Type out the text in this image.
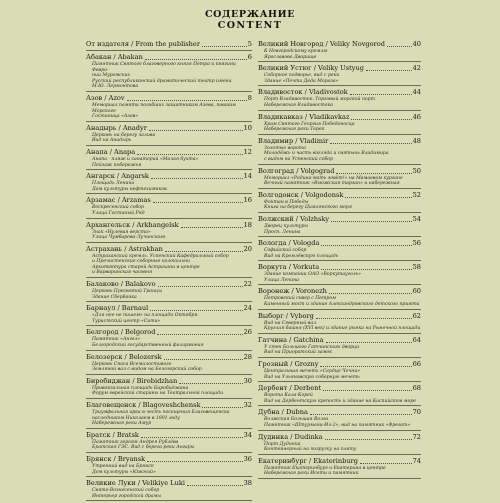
СОДЕРЖАНИЕ
CONTENT
От издателя / From the publisher	5
Абакан / Abakan	6
Памятник Святого благоверного князя Петра и княгини Февро-
нии Муромских
Русский республиканский драматический театр имени
М.Ю. Лермонтова
Азов / Azov	8
Мемориал памяти погибших защитникам Азова, павшим
Морского
Гостиница «Азов»
Анадырь / Anadyr	10
Церковь на берегу залива
Вид на Анадырь
Анапа / Anapa	12
Анапа - пляж и санаторий «Малая бухта»
Пейзаж побережья
Ангарск / Angarsk	14
Площадь Ленина
Дом культуры нефтехимиков
Арзамас / Arzamas	16
Воскресенский собор
Улица Гостиный Ряд
Архангельск / Arkhangelsk	18
Знак «Нулевая верста»
Улица Чумбарова-Лучинского
Астрахань / Astrakhan	20
Астраханский кремль. Успенский Кафедральный собор
и Пречистенские соборные колокольни
Архитектура старой Астрахани в центре
и Варваринская часовня
Балаково / Balakovo	22
Церковь Пресвятой Троицы
Здание Сбербанка
Барнаул / Barnaul	24
«Для нее не пишем» на площади Октября
Туристский центр «Сити»
Белгород / Belgorod	26
Памятник «Ангел»
Белгородский государственный филармония
Белозерск / Belozersk	28
Церковь Спаса Всемилостивого
Земляной вал с видом на Белозерский собор
Биробиджан / Birobidzhan	30
Привокзальная площадь Биробиджана
Форум еврейской старины на Театральной площади
Благовещенск / Blagoveshchensk	32
Триумфальная арка в честь посещения Благовещенска
наследником Николаем в 1891 году
Набережная реки Амур
Братск / Bratsk	34
Памятник героям Андрея Рублёва
Братская ГЭС. Вид с берега реки Ангары
Брянск / Bryansk	36
Утренний вид на Брянск
Дом культуры «Южный»
Великие Луки / Velikiye Luki	38
Свято-Вознесенский собор
Интерьер городской драмы
Великий Новгород / Veliky Novgorod	40
К Новгородскому кремлю
Ярославово Дворище
Великий Устюг / Veliky Ustyug	42
Соборное подворье, вид с реки
Здание «Почта Деда Мороза»
Владивосток / Vladivostok	44
Порт Владивосток. Торговый морской порт
Набережная Владивостока
Владикавказ / Vladikavkaz	46
Храм Святого Георгия Победоносца
Набережная реки Терек
Владимир / Vladimir	48
Золотые ворота
Молодёжь и часть взгляда и святынь Владимира
с видом на Успенский собор
Волгоград / Volgograd	50
Мемориал «Родина-мать зовёт!» на Мамаевом кургане
Вечный памятник «Вьюжская тарзан» и набережная
Волгодонск / Volgodonsk	52
Фонтан в Победы
Книга на берегу Цимлянского моря
Волжский / Volzhsky	54
Дворец культуры
Просп. Ленина
Вологда / Vologda	56
Софийский собор
Вид на Кремлёвскую площадь
Воркута / Vorkuta	58
Здание компании ОАО «Воркутауголь»
Улица Ленина
Воронеж / Voronezh	60
Петровский сквер с Петром
Каменный мост и здание Александровского детского приюта
Выборг / Vyborg	62
Вид на Северный вал
Круглая башня (XVI век) и здание рынка на Рыночной площади
Гатчина / Gatchina	64
У стен Большого Гатчинского дворца
Вид на Приоратский замок
Грозный / Grozny	66
Центральная мечеть «Сердце Чечни»
Вид на Ульяновскую соборную мечеть
Дербент / Derbent	68
Ворота Кала-Корей
Вид на Дербентскую крепость и здание на Каспийском море
Дубна / Dubna	70
Волжская Большая Волга
Памятник «Штурмани-Ил-2», вид на памятник «Фрегат»
Дудинка / Dudinka	72
Порт Дудинка
Контейнерный на погрузку на плату
Екатеринбург / Ekaterinburg	74
Памятник Екатеринбург и Екатерина в центре
Набережная реки Исети и памятник
